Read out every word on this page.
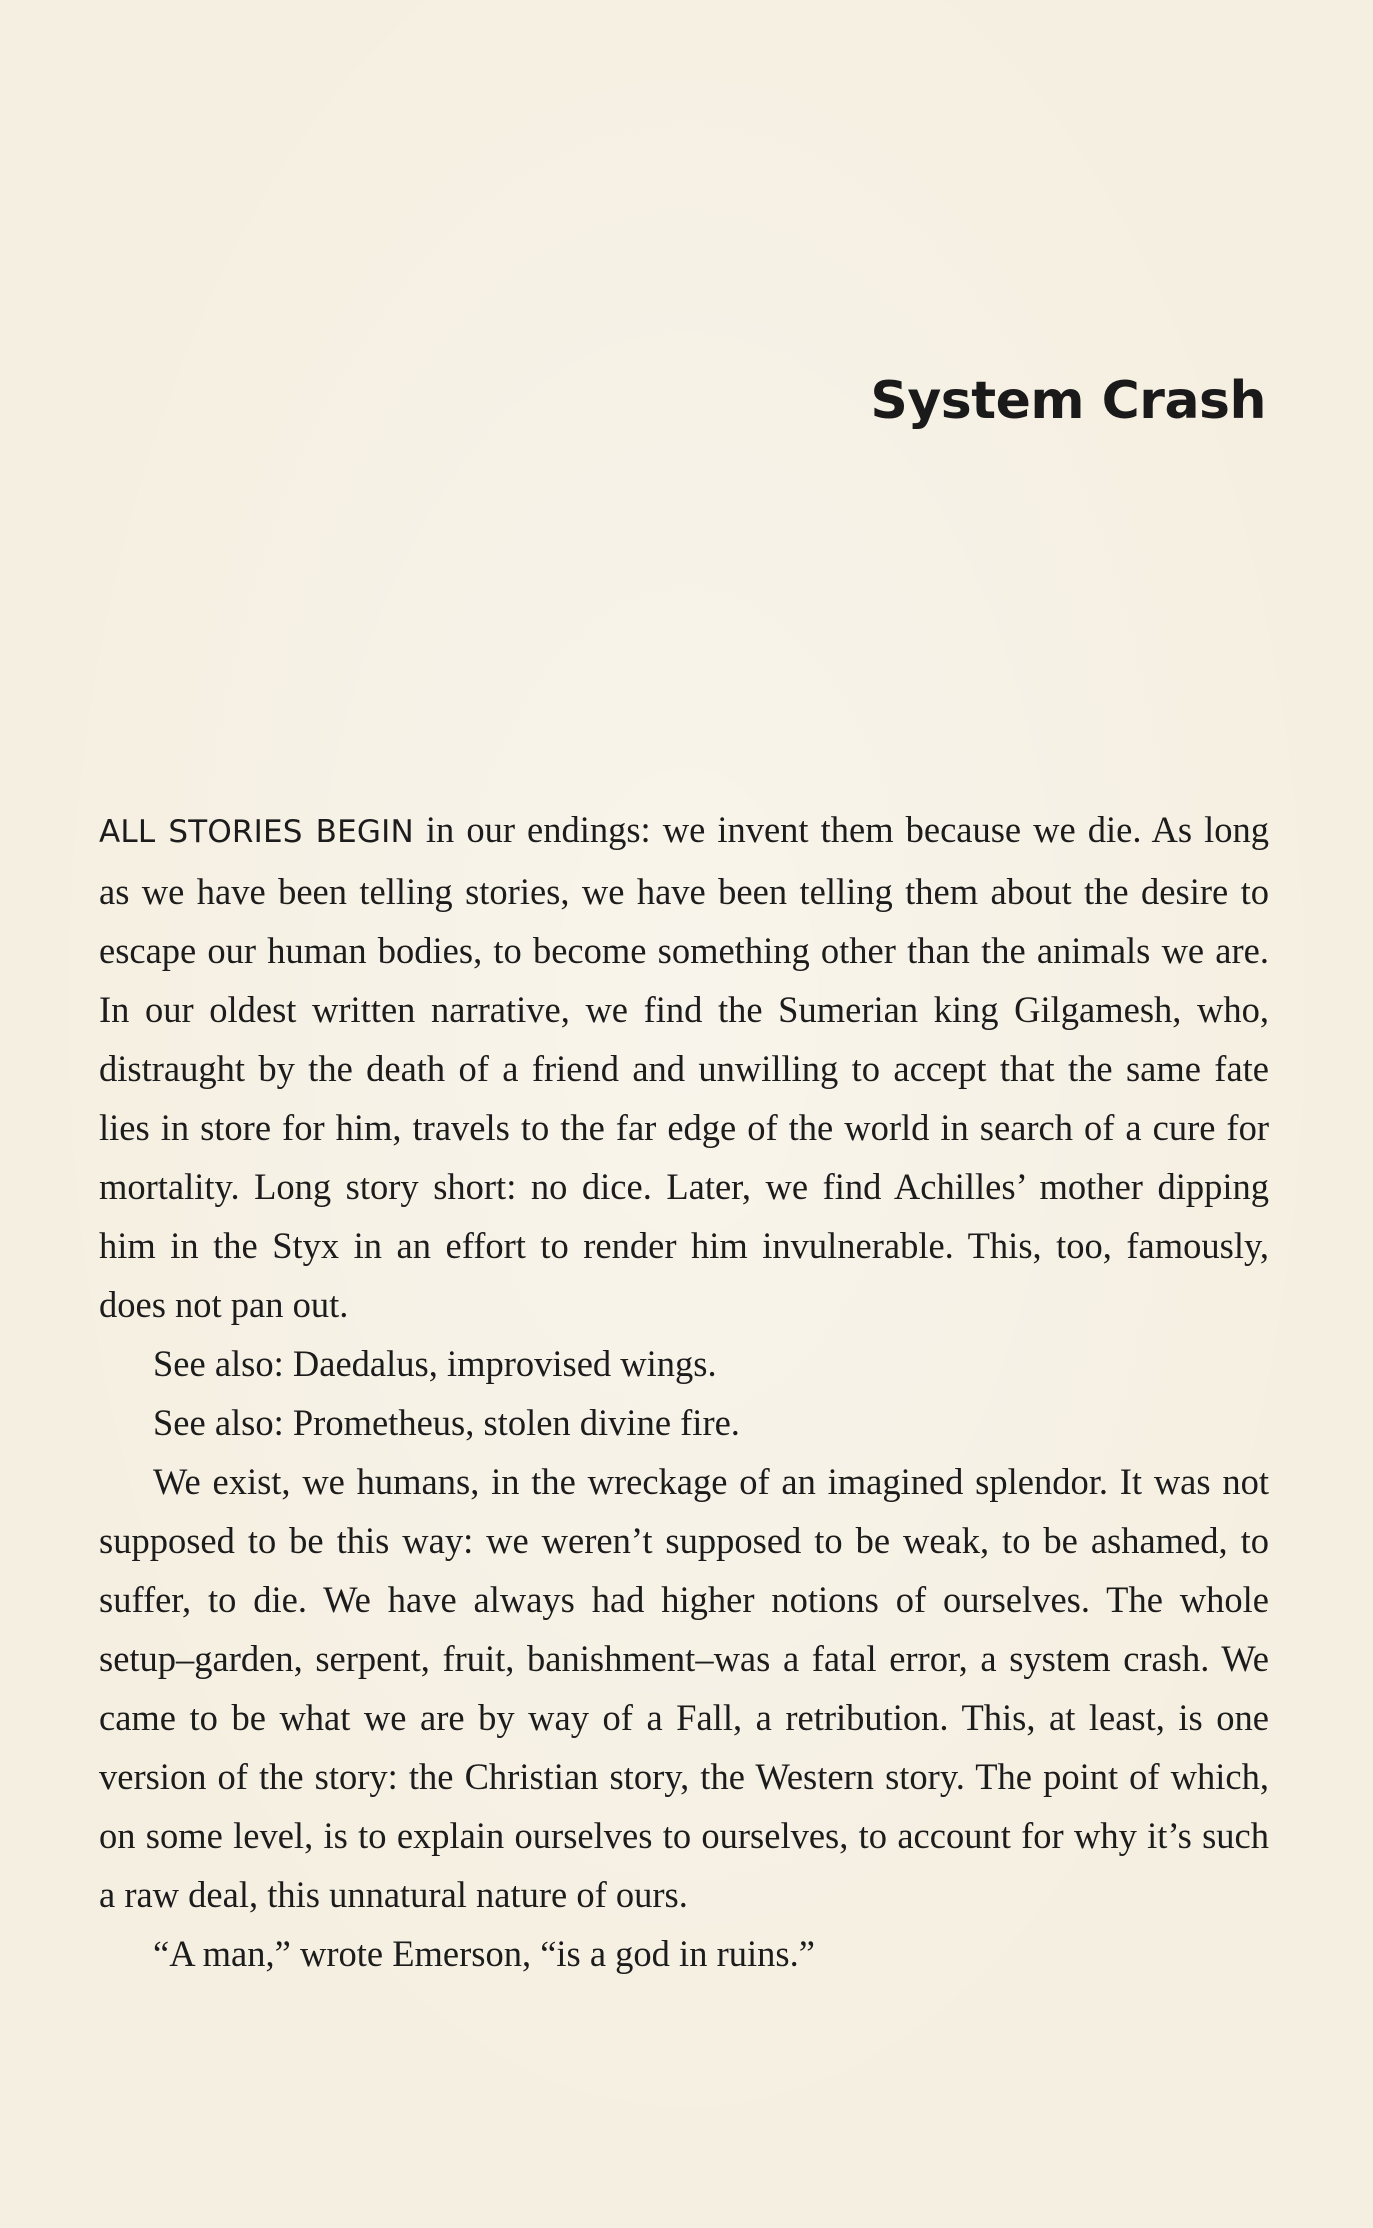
System Crash

ALL STORIES BEGIN in our endings: we invent them because we die. As long as we have been telling stories, we have been telling them about the desire to escape our human bodies, to become something other than the animals we are. In our oldest written narrative, we find the Sumerian king Gilgamesh, who, distraught by the death of a friend and unwilling to accept that the same fate lies in store for him, travels to the far edge of the world in search of a cure for mortality. Long story short: no dice. Later, we find Achilles’ mother dipping him in the Styx in an effort to render him invulnerable. This, too, famously, does not pan out.

See also: Daedalus, improvised wings.

See also: Prometheus, stolen divine fire.

We exist, we humans, in the wreckage of an imagined splendor. It was not supposed to be this way: we weren’t supposed to be weak, to be ashamed, to suffer, to die. We have always had higher notions of ourselves. The whole setup–garden, serpent, fruit, banishment–was a fatal error, a system crash. We came to be what we are by way of a Fall, a retribution. This, at least, is one version of the story: the Christian story, the Western story. The point of which, on some level, is to explain ourselves to ourselves, to account for why it’s such a raw deal, this unnatural nature of ours.

“A man,” wrote Emerson, “is a god in ruins.”
